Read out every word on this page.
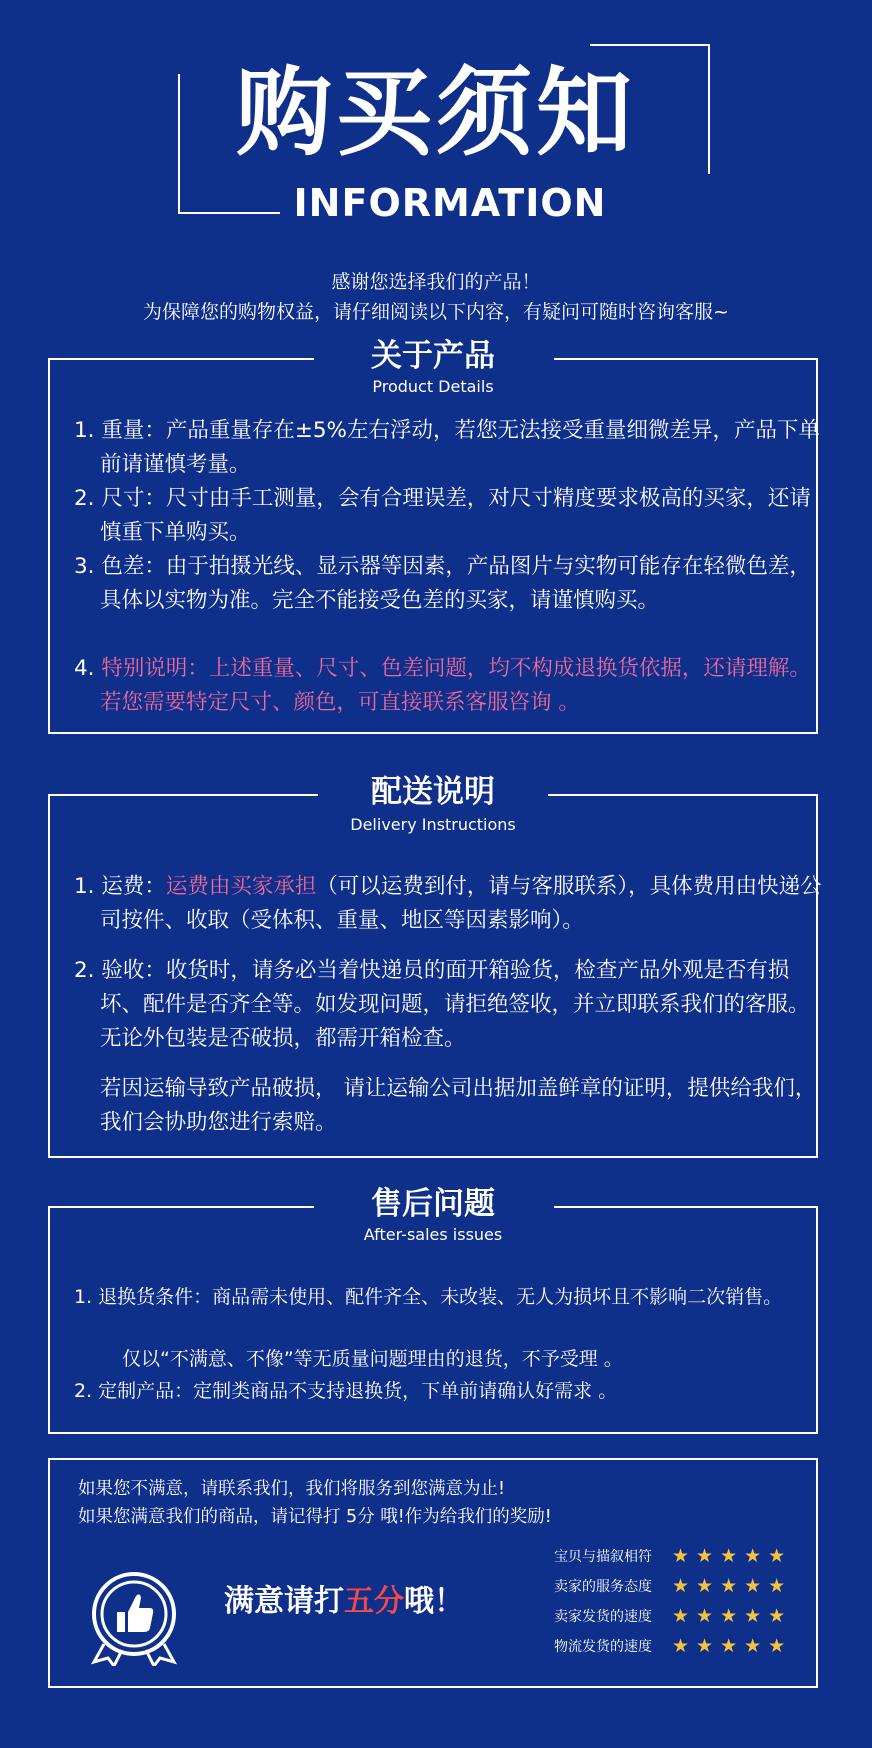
购买须知
INFORMATION
感谢您选择我们的产品！
为保障您的购物权益，请仔细阅读以下内容，有疑问可随时咨询客服~
关于产品
Product Details
1. 重量：产品重量存在±5%左右浮动，若您无法接受重量细微差异，产品下单前请谨慎考量。
2. 尺寸：尺寸由手工测量，会有合理误差，对尺寸精度要求极高的买家，还请慎重下单购买。
3. 色差：由于拍摄光线、显示器等因素，产品图片与实物可能存在轻微色差，具体以实物为准。完全不能接受色差的买家，请谨慎购买。
4. 特别说明：上述重量、尺寸、色差问题，均不构成退换货依据，还请理解。若您需要特定尺寸、颜色，可直接联系客服咨询 。
配送说明
Delivery Instructions
1. 运费：运费由买家承担（可以运费到付，请与客服联系），具体费用由快递公司按件、收取（受体积、重量、地区等因素影响）。
2. 验收：收货时，请务必当着快递员的面开箱验货，检查产品外观是否有损坏、配件是否齐全等。如发现问题，请拒绝签收，并立即联系我们的客服。无论外包装是否破损，都需开箱检查。
若因运输导致产品破损， 请让运输公司出据加盖鲜章的证明，提供给我们，我们会协助您进行索赔。
售后问题
After-sales issues
1. 退换货条件：商品需未使用、配件齐全、未改装、无人为损坏且不影响二次销售。
仅以“不满意、不像”等无质量问题理由的退货，不予受理 。
2. 定制产品：定制类商品不支持退换货，下单前请确认好需求 。
如果您不满意，请联系我们，我们将服务到您满意为止!
如果您满意我们的商品，请记得打 5分 哦!作为给我们的奖励!
满意请打五分哦！
宝贝与描叙相符 ★★★★★
卖家的服务态度 ★★★★★
卖家发货的速度 ★★★★★
物流发货的速度 ★★★★★
